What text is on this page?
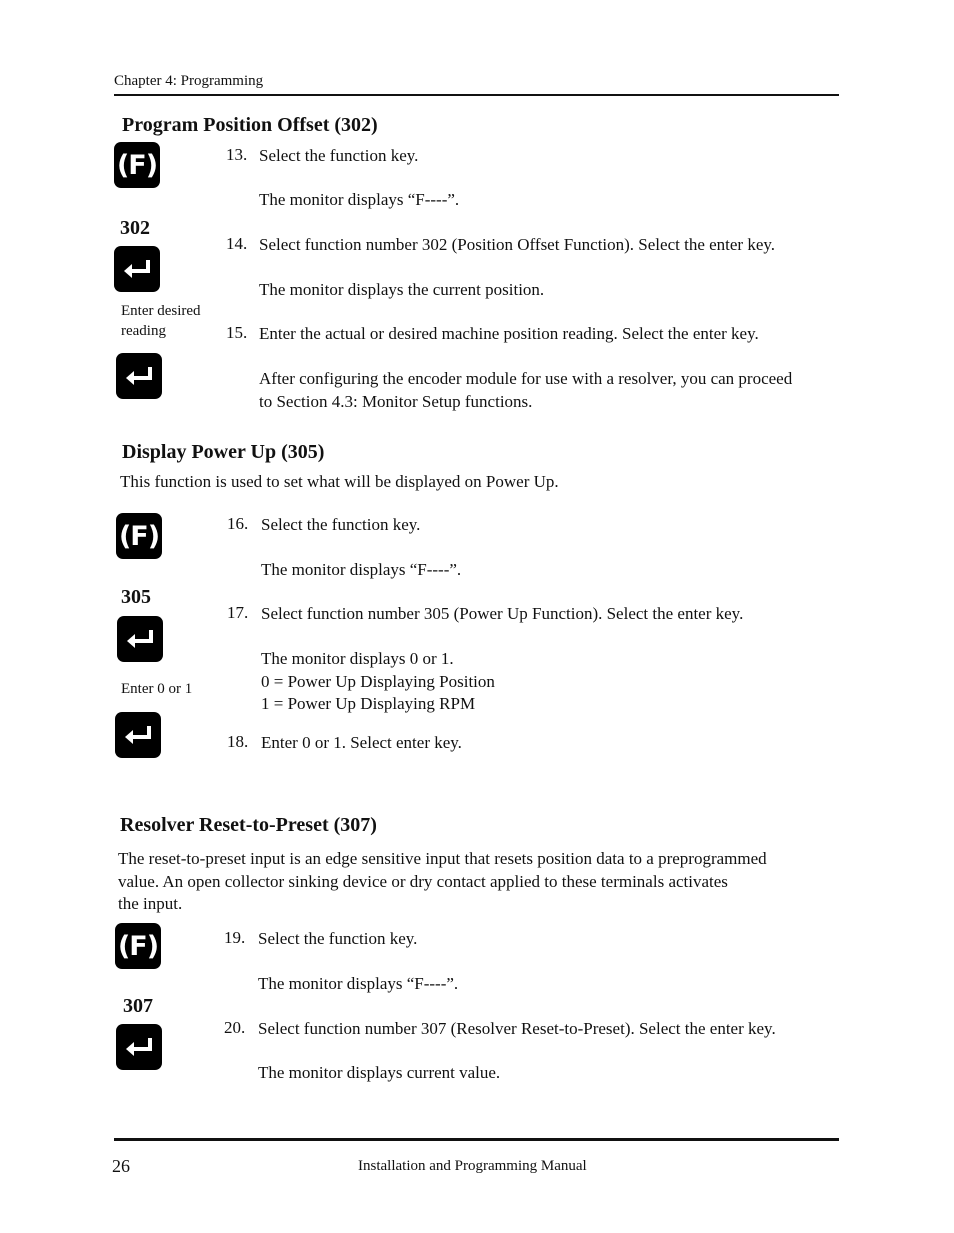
Chapter 4: Programming
Program Position Offset (302)
(F)
302
Enter desired
reading
13. Select the function key.
The monitor displays “F----”.
14. Select function number 302 (Position Offset Function). Select the enter key.
The monitor displays the current position.
15. Enter the actual or desired machine position reading. Select the enter key.
After configuring the encoder module for use with a resolver, you can proceed
to Section 4.3: Monitor Setup functions.
Display Power Up (305)
This function is used to set what will be displayed on Power Up.
(F)
305
Enter 0 or 1
16. Select the function key.
The monitor displays “F----”.
17. Select function number 305 (Power Up Function). Select the enter key.
The monitor displays 0 or 1.
0 = Power Up Displaying Position
1 = Power Up Displaying RPM
18. Enter 0 or 1. Select enter key.
Resolver Reset-to-Preset (307)
The reset-to-preset input is an edge sensitive input that resets position data to a preprogrammed
value. An open collector sinking device or dry contact applied to these terminals activates
the input.
(F)
307
19. Select the function key.
The monitor displays “F----”.
20. Select function number 307 (Resolver Reset-to-Preset). Select the enter key.
The monitor displays current value.
26	Installation and Programming Manual
